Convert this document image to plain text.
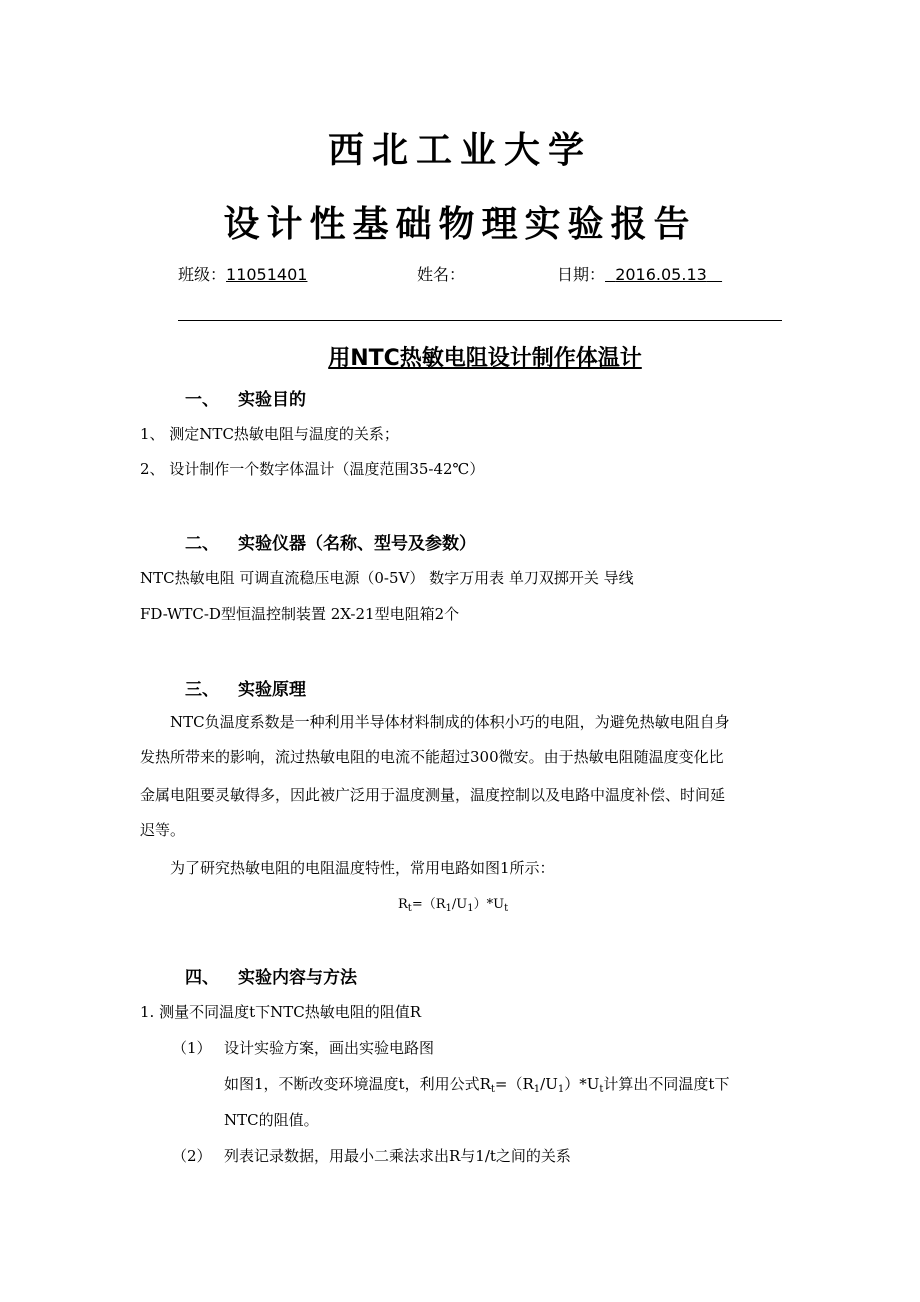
西北工业大学
设计性基础物理实验报告
班级：11051401	姓名：	日期： 2016.05.13
用NTC热敏电阻设计制作体温计
一、 实验目的
1、 测定NTC热敏电阻与温度的关系；
2、 设计制作一个数字体温计（温度范围35-42℃）
二、 实验仪器（名称、型号及参数）
NTC热敏电阻 可调直流稳压电源（0-5V） 数字万用表 单刀双掷开关 导线
FD-WTC-D型恒温控制装置 2X-21型电阻箱2个
三、 实验原理
NTC负温度系数是一种利用半导体材料制成的体积小巧的电阻，为避免热敏电阻自身
发热所带来的影响，流过热敏电阻的电流不能超过300微安。由于热敏电阻随温度变化比
金属电阻要灵敏得多，因此被广泛用于温度测量，温度控制以及电路中温度补偿、时间延
迟等。
为了研究热敏电阻的电阻温度特性，常用电路如图1所示：
$R_t=(R_1/U_1)*U_t$
四、 实验内容与方法
1. 测量不同温度t下NTC热敏电阻的阻值R
（1） 设计实验方案，画出实验电路图
如图1，不断改变环境温度t，利用公式$R_t=(R_1/U_1)*U_t$计算出不同温度t下
NTC的阻值。
（2） 列表记录数据，用最小二乘法求出R与1/t之间的关系
